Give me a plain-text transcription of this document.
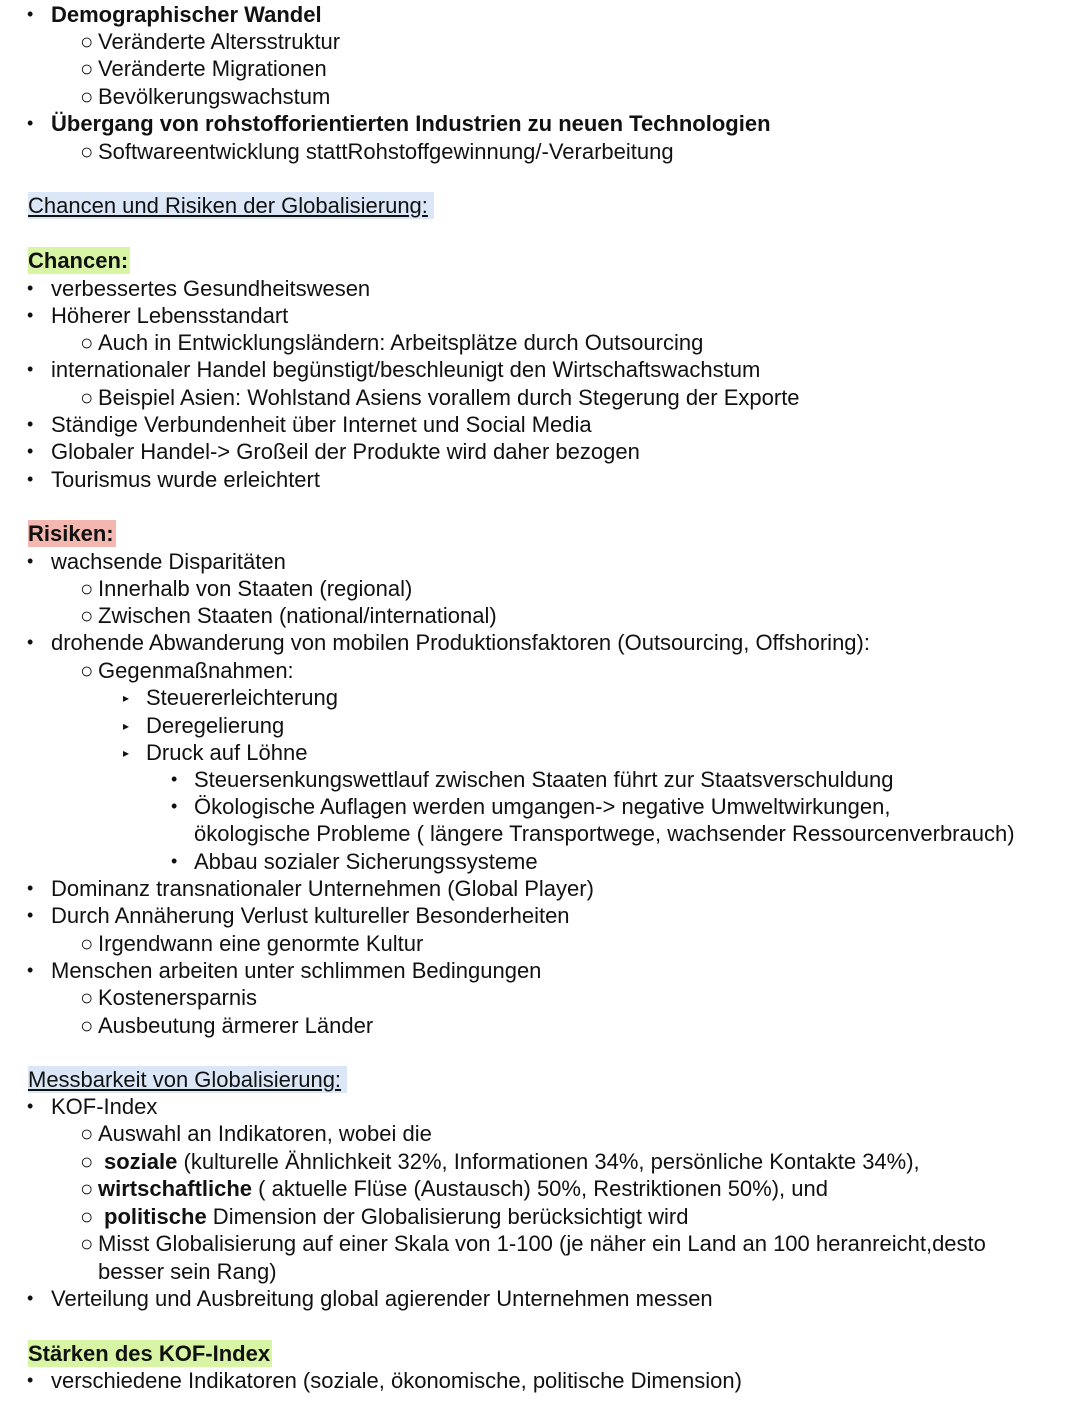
• Demographischer Wandel
○ Veränderte Altersstruktur
○ Veränderte Migrationen
○ Bevölkerungswachstum
• Übergang von rohstofforientierten Industrien zu neuen Technologien
○ Softwareentwicklung stattRohstoffgewinnung/-Verarbeitung
Chancen und Risiken der Globalisierung:
Chancen:
• verbessertes Gesundheitswesen
• Höherer Lebensstandart
○ Auch in Entwicklungsländern: Arbeitsplätze durch Outsourcing
• internationaler Handel begünstigt/beschleunigt den Wirtschaftswachstum
○ Beispiel Asien: Wohlstand Asiens vorallem durch Stegerung der Exporte
• Ständige Verbundenheit über Internet und Social Media
• Globaler Handel-> Großeil der Produkte wird daher bezogen
• Tourismus wurde erleichtert
Risiken:
• wachsende Disparitäten
○ Innerhalb von Staaten (regional)
○ Zwischen Staaten (national/international)
• drohende Abwanderung von mobilen Produktionsfaktoren (Outsourcing, Offshoring):
○ Gegenmaßnahmen:
▸ Steuererleichterung
▸ Deregelierung
▸ Druck auf Löhne
• Steuersenkungswettlauf zwischen Staaten führt zur Staatsverschuldung
• Ökologische Auflagen werden umgangen-> negative Umweltwirkungen,
ökologische Probleme ( längere Transportwege, wachsender Ressourcenverbrauch)
• Abbau sozialer Sicherungssysteme
• Dominanz transnationaler Unternehmen (Global Player)
• Durch Annäherung Verlust kultureller Besonderheiten
○ Irgendwann eine genormte Kultur
• Menschen arbeiten unter schlimmen Bedingungen
○ Kostenersparnis
○ Ausbeutung ärmerer Länder
Messbarkeit von Globalisierung:
• KOF-Index
○ Auswahl an Indikatoren, wobei die
○ soziale (kulturelle Ähnlichkeit 32%, Informationen 34%, persönliche Kontakte 34%),
○ wirtschaftliche ( aktuelle Flüse (Austausch) 50%, Restriktionen 50%), und
○ politische Dimension der Globalisierung berücksichtigt wird
○ Misst Globalisierung auf einer Skala von 1-100 (je näher ein Land an 100 heranreicht,desto
besser sein Rang)
• Verteilung und Ausbreitung global agierender Unternehmen messen
Stärken des KOF-Index
• verschiedene Indikatoren (soziale, ökonomische, politische Dimension)
